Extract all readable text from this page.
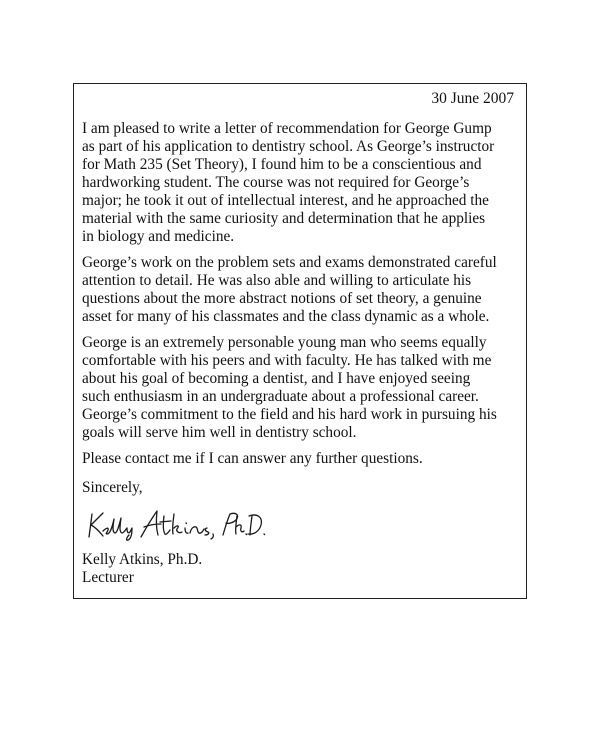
30 June 2007

I am pleased to write a letter of recommendation for George Gump
as part of his application to dentistry school. As George’s instructor
for Math 235 (Set Theory), I found him to be a conscientious and
hardworking student. The course was not required for George’s
major; he took it out of intellectual interest, and he approached the
material with the same curiosity and determination that he applies
in biology and medicine.

George’s work on the problem sets and exams demonstrated careful
attention to detail. He was also able and willing to articulate his
questions about the more abstract notions of set theory, a genuine
asset for many of his classmates and the class dynamic as a whole.

George is an extremely personable young man who seems equally
comfortable with his peers and with faculty. He has talked with me
about his goal of becoming a dentist, and I have enjoyed seeing
such enthusiasm in an undergraduate about a professional career.
George’s commitment to the field and his hard work in pursuing his
goals will serve him well in dentistry school.

Please contact me if I can answer any further questions.

Sincerely,

Kelly Atkins, Ph.D.

Lecturer
